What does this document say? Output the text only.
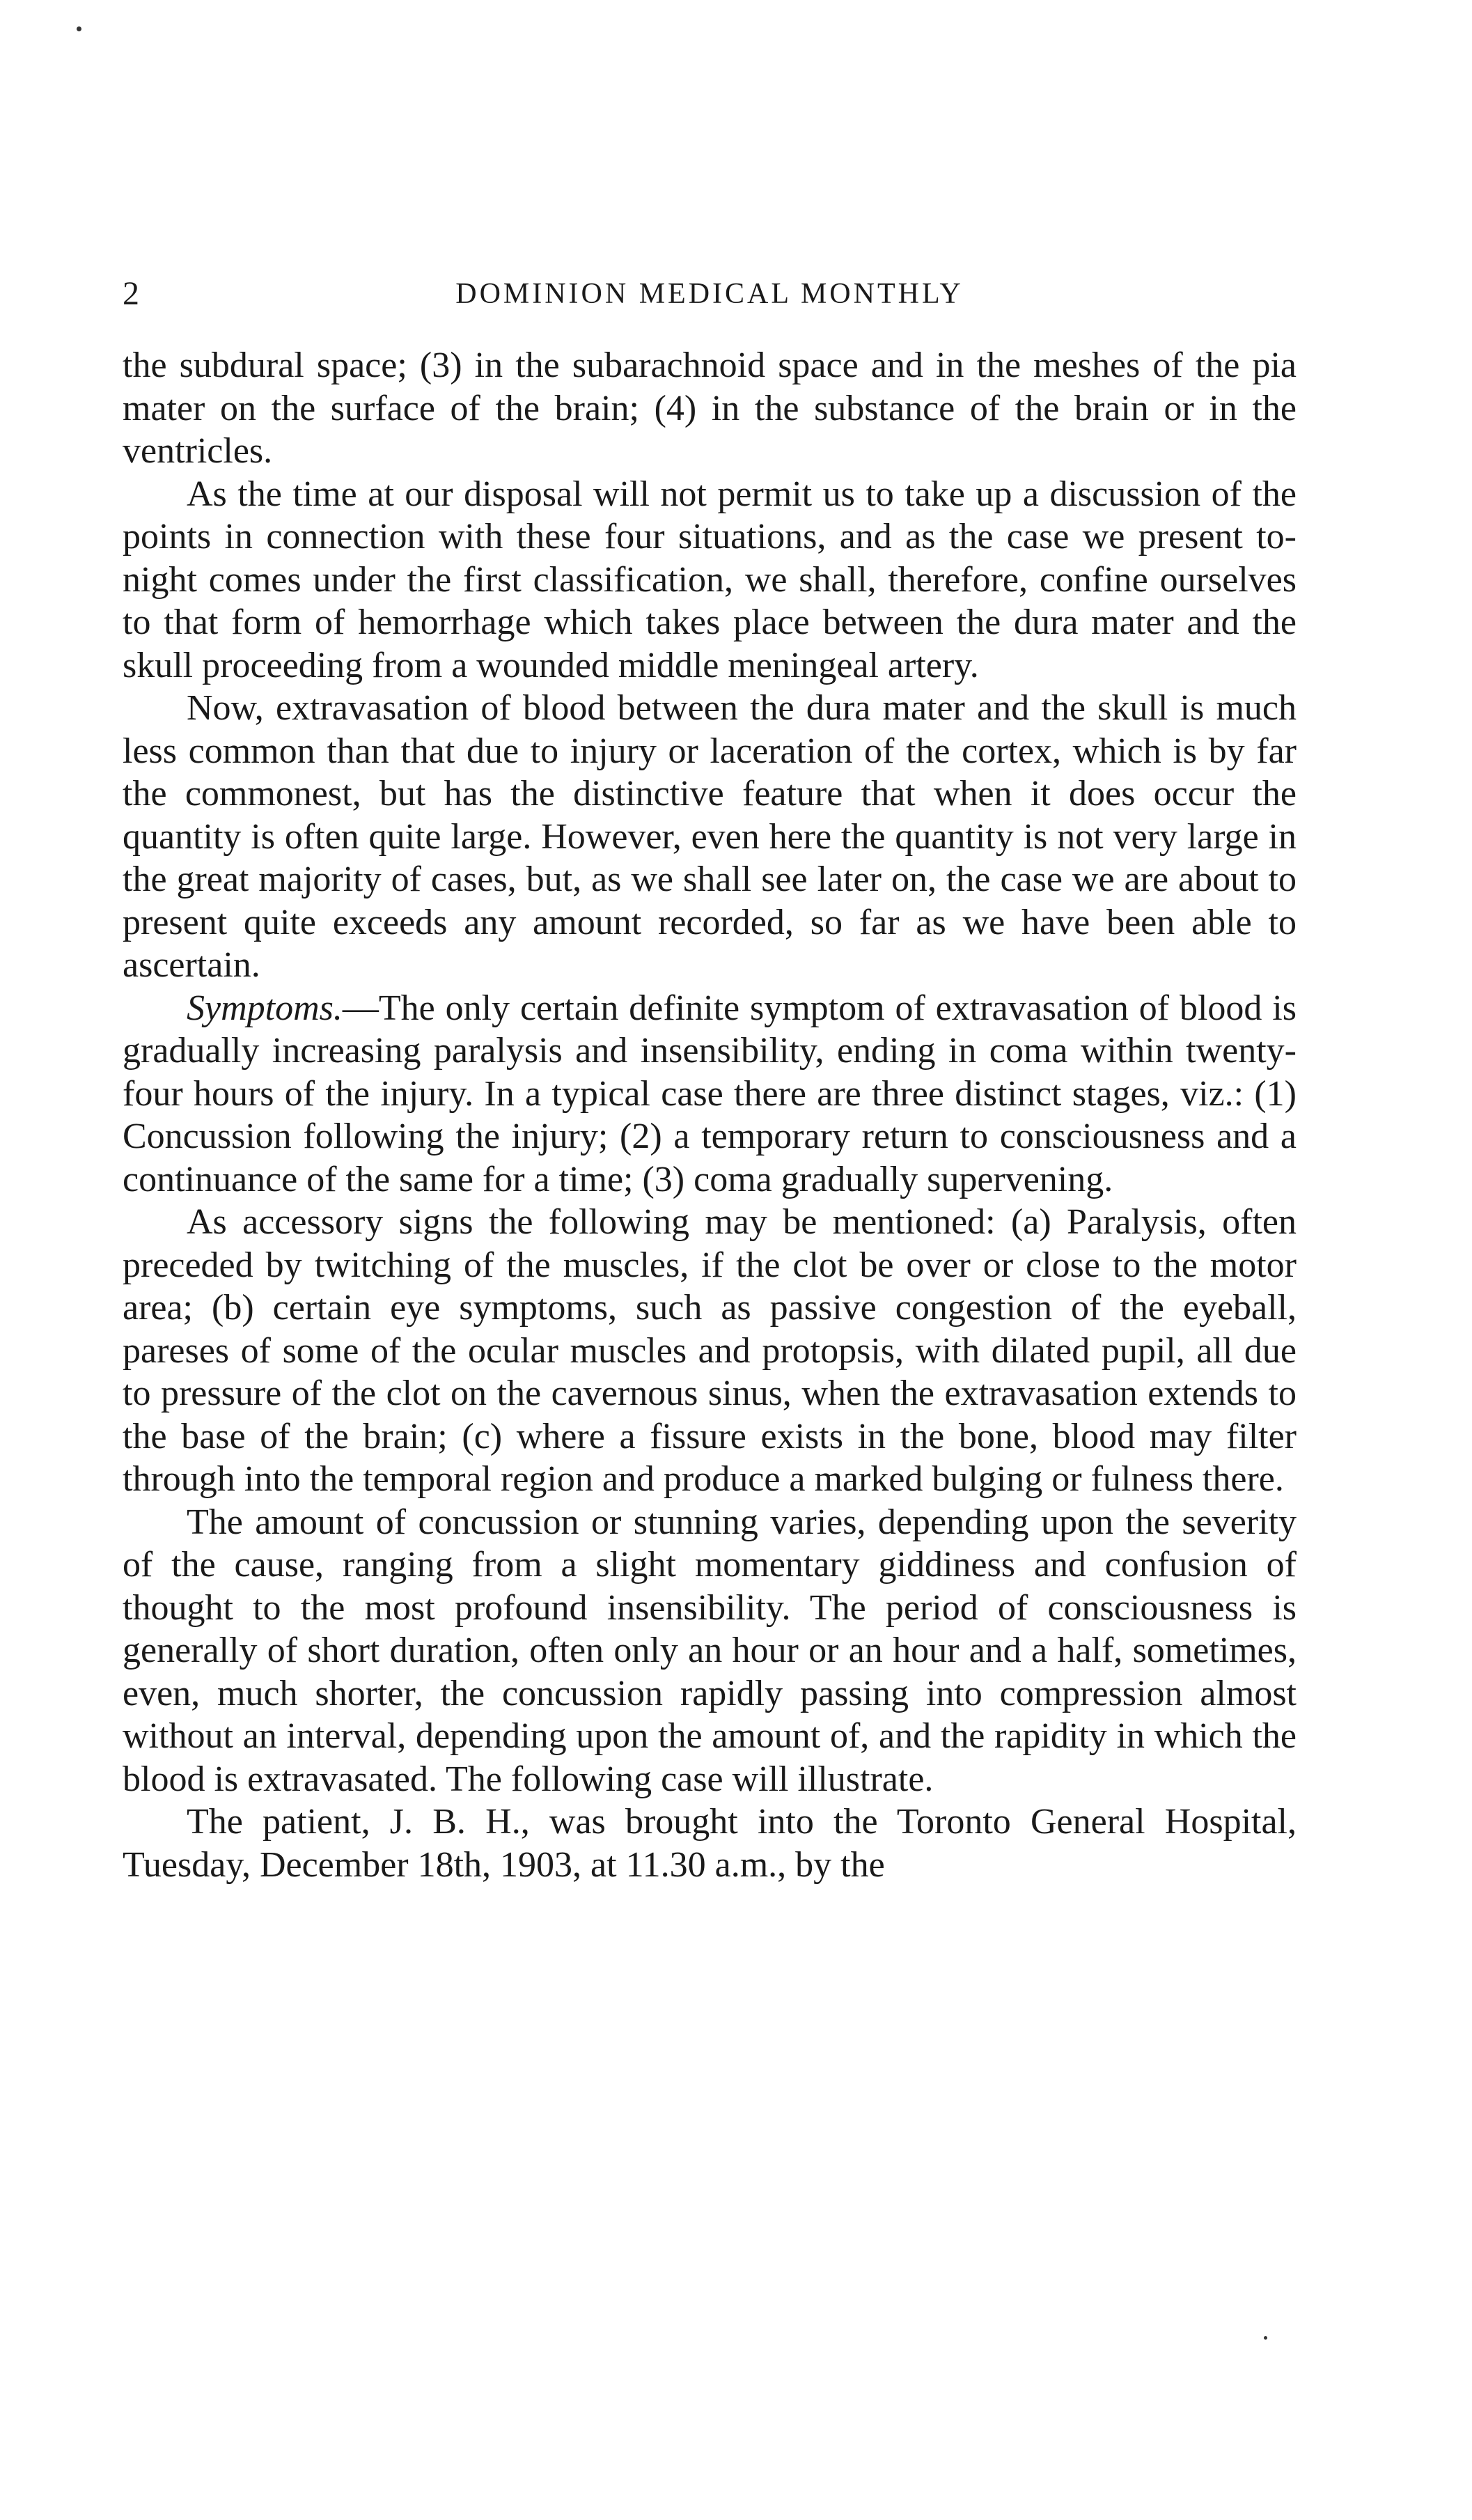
2	DOMINION MEDICAL MONTHLY

the subdural space; (3) in the subarachnoid space and in the meshes of the pia mater on the surface of the brain; (4) in the substance of the brain or in the ventricles.

As the time at our disposal will not permit us to take up a discussion of the points in connection with these four situations, and as the case we present to-night comes under the first classification, we shall, therefore, confine ourselves to that form of hemorrhage which takes place between the dura mater and the skull proceeding from a wounded middle meningeal artery.

Now, extravasation of blood between the dura mater and the skull is much less common than that due to injury or laceration of the cortex, which is by far the commonest, but has the distinctive feature that when it does occur the quantity is often quite large. However, even here the quantity is not very large in the great majority of cases, but, as we shall see later on, the case we are about to present quite exceeds any amount recorded, so far as we have been able to ascertain.

Symptoms.—The only certain definite symptom of extravasation of blood is gradually increasing paralysis and insensibility, ending in coma within twenty-four hours of the injury. In a typical case there are three distinct stages, viz.: (1) Concussion following the injury; (2) a temporary return to consciousness and a continuance of the same for a time; (3) coma gradually supervening.

As accessory signs the following may be mentioned: (a) Paralysis, often preceded by twitching of the muscles, if the clot be over or close to the motor area; (b) certain eye symptoms, such as passive congestion of the eyeball, pareses of some of the ocular muscles and protopsis, with dilated pupil, all due to pressure of the clot on the cavernous sinus, when the extravasation extends to the base of the brain; (c) where a fissure exists in the bone, blood may filter through into the temporal region and produce a marked bulging or fulness there.

The amount of concussion or stunning varies, depending upon the severity of the cause, ranging from a slight momentary giddiness and confusion of thought to the most profound insensibility. The period of consciousness is generally of short duration, often only an hour or an hour and a half, sometimes, even, much shorter, the concussion rapidly passing into compression almost without an interval, depending upon the amount of, and the rapidity in which the blood is extravasated. The following case will illustrate.

The patient, J. B. H., was brought into the Toronto General Hospital, Tuesday, December 18th, 1903, at 11.30 a.m., by the
